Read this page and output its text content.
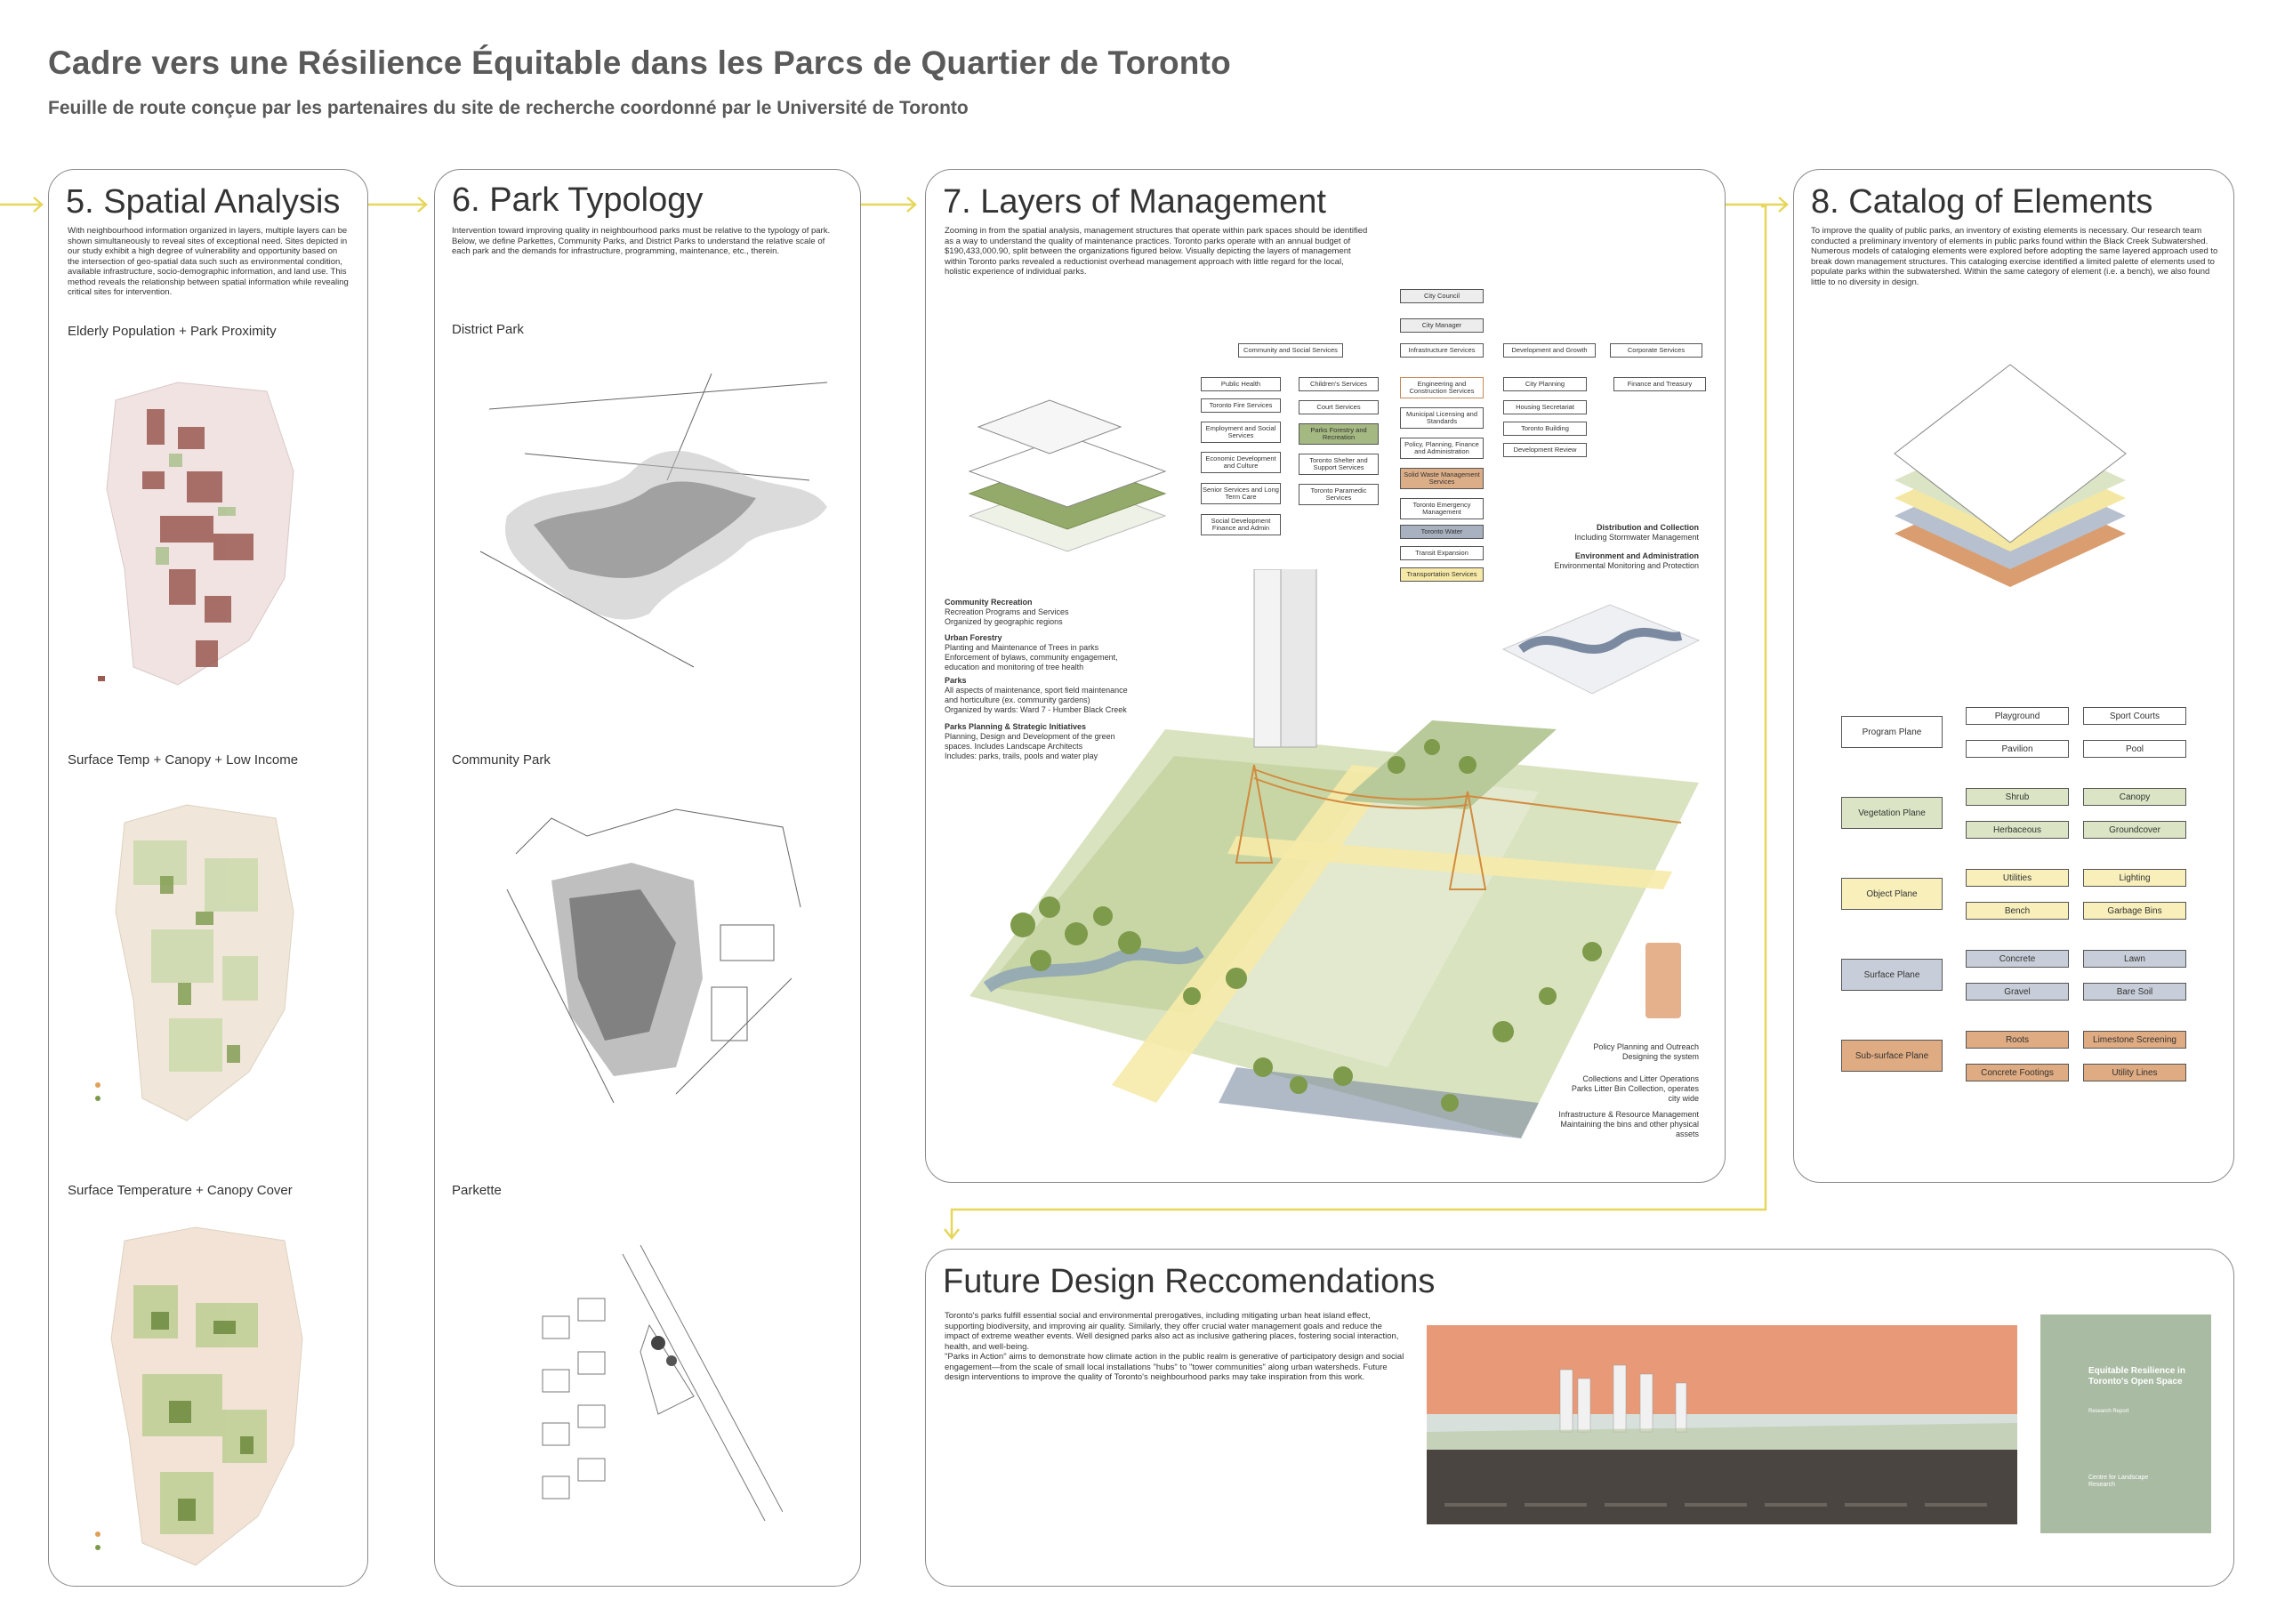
Cadre vers une Résilience Équitable dans les Parcs de Quartier de Toronto
Feuille de route conçue par les partenaires du site de recherche coordonné par le Université de Toronto
5. Spatial Analysis
With neighbourhood information organized in layers, multiple layers can be shown simultaneously to reveal sites of exceptional need. Sites depicted in our study exhibit a high degree of vulnerability and opportunity based on the intersection of geo-spatial data such such as environmental condition, available infrastructure, socio-demographic information, and land use. This method reveals the relationship between spatial information while revealing critical sites for intervention.
Elderly Population + Park Proximity
Surface Temp + Canopy + Low Income
Surface Temperature + Canopy Cover
6. Park Typology
Intervention toward improving quality in neighbourhood parks must be relative to the typology of park. Below, we define Parkettes, Community Parks, and District Parks to understand the relative scale of each park and the demands for infrastructure, programming, maintenance, etc., therein.
District Park
Community Park
Parkette
7. Layers of Management
Zooming in from the spatial analysis, management structures that operate within park spaces should be identified as a way to understand the quality of maintenance practices. Toronto parks operate with an annual budget of $190,433,000.90, split between the organizations figured below. Visually depicting the layers of management within Toronto parks revealed a reductionist overhead management approach with little regard for the local, holistic experience of individual parks.
City Council
City Manager
Community and Social Services	Infrastructure Services	Development and Growth	Corporate Services
Public Health
Toronto Fire Services
Employment and Social Services
Economic Development and Culture
Senior Services and Long Term Care
Social Development Finance and Admin
Children's Services
Court Services
Parks Forestry and Recreation
Toronto Shelter and Support Services
Toronto Paramedic Services
Engineering and Construction Services
Municipal Licensing and Standards
Policy, Planning, Finance and Administration
Solid Waste Management Services
Toronto Emergency Management
Toronto Water
Transit Expansion
Transportation Services
City Planning
Housing Secretariat
Toronto Building
Development Review
Finance and Treasury
Community Recreation
Recreation Programs and Services
Organized by geographic regions
Urban Forestry
Planting and Maintenance of Trees in parks
Enforcement of bylaws, community engagement,
education and monitoring of tree health
Parks
All aspects of maintenance, sport field maintenance
and horticulture (ex. community gardens)
Organized by wards: Ward 7 - Humber Black Creek
Parks Planning & Strategic Initiatives
Planning, Design and Development of the green
spaces. Includes Landscape Architects
Includes: parks, trails, pools and water play
Distribution and Collection
Including Stormwater Management
Environment and Administration
Environmental Monitoring and Protection
Policy Planning and Outreach
Designing the system
Collections and Litter Operations
Parks Litter Bin Collection, operates
city wide
Infrastructure & Resource Management
Maintaining the bins and other physical
assets
8. Catalog of Elements
To improve the quality of public parks, an inventory of existing elements is necessary. Our research team conducted a preliminary inventory of elements in public parks found within the Black Creek Subwatershed. Numerous models of cataloging elements were explored before adopting the same layered approach used to break down management structures. This cataloging exercise identified a limited palette of elements used to populate parks within the subwatershed. Within the same category of element (i.e. a bench), we also found little to no diversity in design.
Program Plane
Playground	Sport Courts
Pavilion	Pool
Vegetation Plane
Shrub	Canopy
Herbaceous	Groundcover
Object Plane
Utilities	Lighting
Bench	Garbage Bins
Surface Plane
Concrete	Lawn
Gravel	Bare Soil
Sub-surface Plane
Roots	Limestone Screening
Concrete Footings	Utility Lines
Future Design Reccomendations
Toronto's parks fulfill essential social and environmental prerogatives, including mitigating urban heat island effect, supporting biodiversity, and improving air quality. Similarly, they offer crucial water management goals and reduce the impact of extreme weather events. Well designed parks also act as inclusive gathering places, fostering social interaction, health, and well-being.
"Parks in Action" aims to demonstrate how climate action in the public realm is generative of participatory design and social engagement—from the scale of small local installations "hubs" to "tower communities" along urban watersheds. Future design interventions to improve the quality of Toronto's neighbourhood parks may take inspiration from this work.
Equitable Resilience in Toronto's Open Space
Research Report
Centre for Landscape Research
